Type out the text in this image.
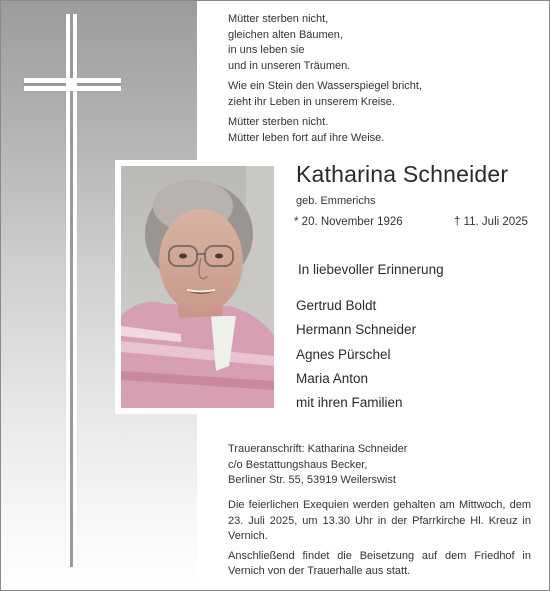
Mütter sterben nicht,
gleichen alten Bäumen,
in uns leben sie
und in unseren Träumen.

Wie ein Stein den Wasserspiegel bricht,
zieht ihr Leben in unserem Kreise.

Mütter sterben nicht.
Mütter leben fort auf ihre Weise.

Katharina Schneider
geb. Emmerichs
* 20. November 1926	† 11. Juli 2025
In liebevoller Erinnerung
Gertrud Boldt
Hermann Schneider
Agnes Pürschel
Maria Anton
mit ihren Familien
Traueranschrift: Katharina Schneider
c/o Bestattungshaus Becker,
Berliner Str. 55, 53919 Weilerswist

Die feierlichen Exequien werden gehalten am Mittwoch, dem 23. Juli 2025, um 13.30 Uhr in der Pfarrkirche Hl. Kreuz in Vernich.

Anschließend findet die Beisetzung auf dem Friedhof in Vernich von der Trauerhalle aus statt.
